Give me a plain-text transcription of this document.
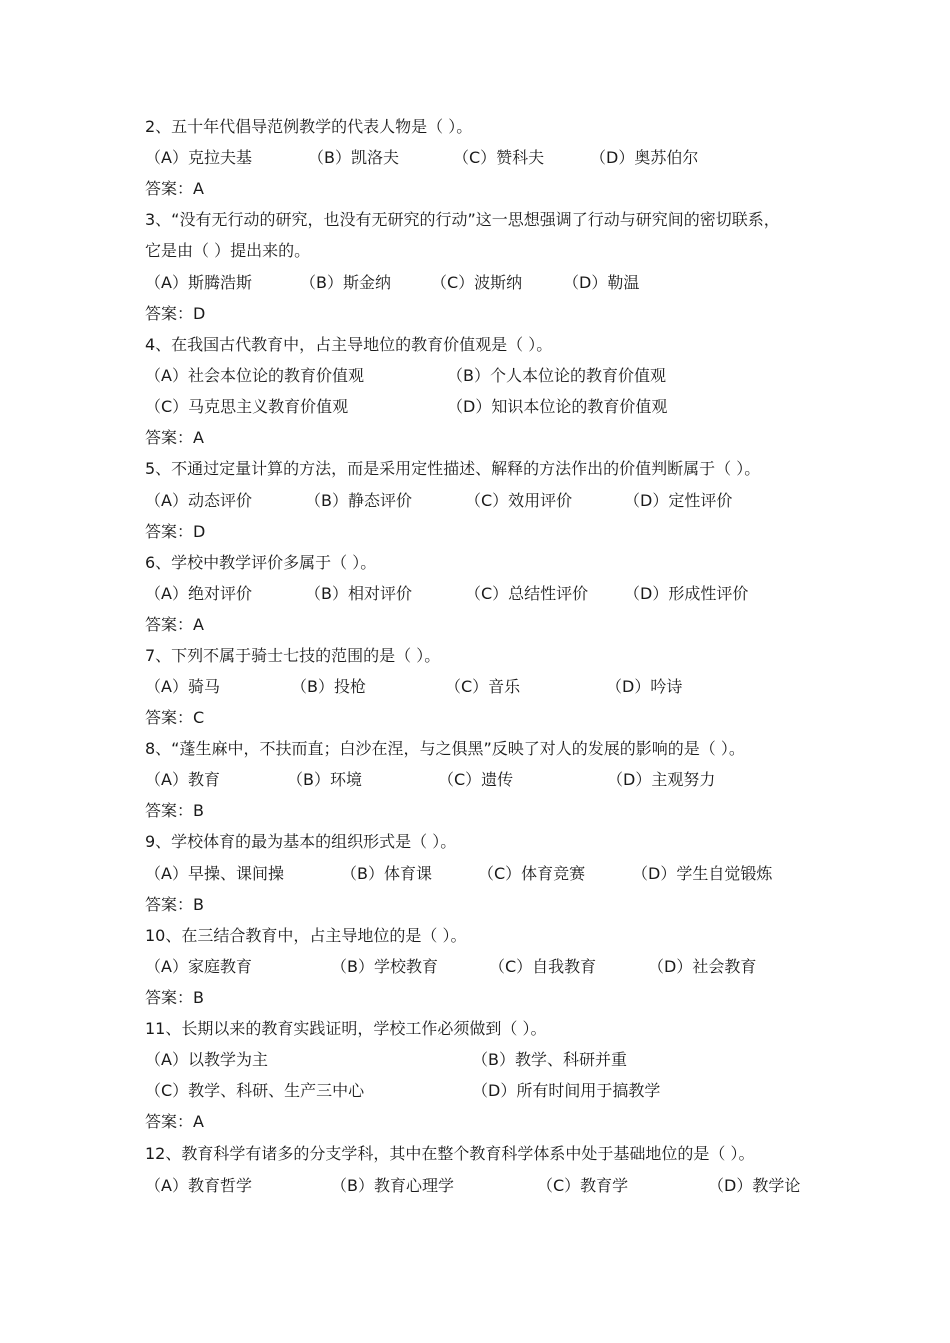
2、五十年代倡导范例教学的代表人物是（ ）。
（A）克拉夫基	（B）凯洛夫	（C）赞科夫	（D）奥苏伯尔
答案：A
3、“没有无行动的研究，也没有无研究的行动”这一思想强调了行动与研究间的密切联系，
它是由（ ）提出来的。
（A）斯腾浩斯	（B）斯金纳	（C）波斯纳	（D）勒温
答案：D
4、在我国古代教育中，占主导地位的教育价值观是（ ）。
（A）社会本位论的教育价值观	（B）个人本位论的教育价值观
（C）马克思主义教育价值观	（D）知识本位论的教育价值观
答案：A
5、不通过定量计算的方法，而是采用定性描述、解释的方法作出的价值判断属于（ ）。
（A）动态评价	（B）静态评价	（C）效用评价	（D）定性评价
答案：D
6、学校中教学评价多属于（ ）。
（A）绝对评价	（B）相对评价	（C）总结性评价 （D）形成性评价
答案：A
7、下列不属于骑士七技的范围的是（ ）。
（A）骑马	（B）投枪	（C）音乐	（D）吟诗
答案：C
8、“蓬生麻中，不扶而直；白沙在涅，与之俱黑”反映了对人的发展的影响的是（ ）。
（A）教育	（B）环境	（C）遗传	（D）主观努力
答案：B
9、学校体育的最为基本的组织形式是（ ）。
（A）早操、课间操	（B）体育课	（C）体育竞赛	（D）学生自觉锻炼
答案：B
10、在三结合教育中，占主导地位的是（ ）。
（A）家庭教育	（B）学校教育	（C）自我教育	（D）社会教育
答案：B
11、长期以来的教育实践证明，学校工作必须做到（ ）。
（A）以教学为主	（B）教学、科研并重
（C）教学、科研、生产三中心	（D）所有时间用于搞教学
答案：A
12、教育科学有诸多的分支学科，其中在整个教育科学体系中处于基础地位的是（ ）。
（A）教育哲学	（B）教育心理学	（C）教育学	（D）教学论
